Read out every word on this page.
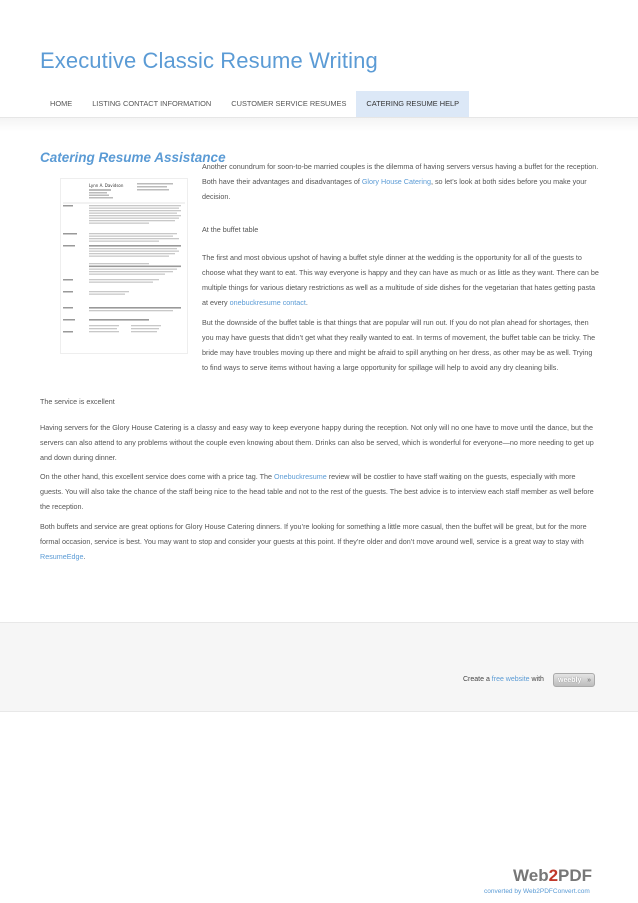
Executive Classic Resume Writing
HOME	LISTING CONTACT INFORMATION	CUSTOMER SERVICE RESUMES	CATERING RESUME HELP
Catering Resume Assistance
Lynn A. Davidson

Another conundrum for soon-to-be married couples is the dilemma of having servers versus having a buffet for the reception. Both have their advantages and disadvantages of Glory House Catering, so let’s look at both sides before you make your decision.

At the buffet table

The first and most obvious upshot of having a buffet style dinner at the wedding is the opportunity for all of the guests to choose what they want to eat. This way everyone is happy and they can have as much or as little as they want. There can be multiple things for various dietary restrictions as well as a multitude of side dishes for the vegetarian that hates getting pasta at every onebuckresume contact.

But the downside of the buffet table is that things that are popular will run out. If you do not plan ahead for shortages, then you may have guests that didn’t get what they really wanted to eat. In terms of movement, the buffet table can be tricky. The bride may have troubles moving up there and might be afraid to spill anything on her dress, as other may be as well. Trying to find ways to serve items without having a large opportunity for spillage will help to avoid any dry cleaning bills.

The service is excellent

Having servers for the Glory House Catering is a classy and easy way to keep everyone happy during the reception. Not only will no one have to move until the dance, but the servers can also attend to any problems without the couple even knowing about them. Drinks can also be served, which is wonderful for everyone—no more needing to get up and down during dinner.

On the other hand, this excellent service does come with a price tag. The Onebuckresume review will be costlier to have staff waiting on the guests, especially with more guests. You will also take the chance of the staff being nice to the head table and not to the rest of the guests. The best advice is to interview each staff member as well before the reception.

Both buffets and service are great options for Glory House Catering dinners. If you’re looking for something a little more casual, then the buffet will be great, but for the more formal occasion, service is best. You may want to stop and consider your guests at this point. If they’re older and don’t move around well, service is a great way to stay with ResumeEdge.

Create a free website with	weebly »
Web2PDF
converted by Web2PDFConvert.com
